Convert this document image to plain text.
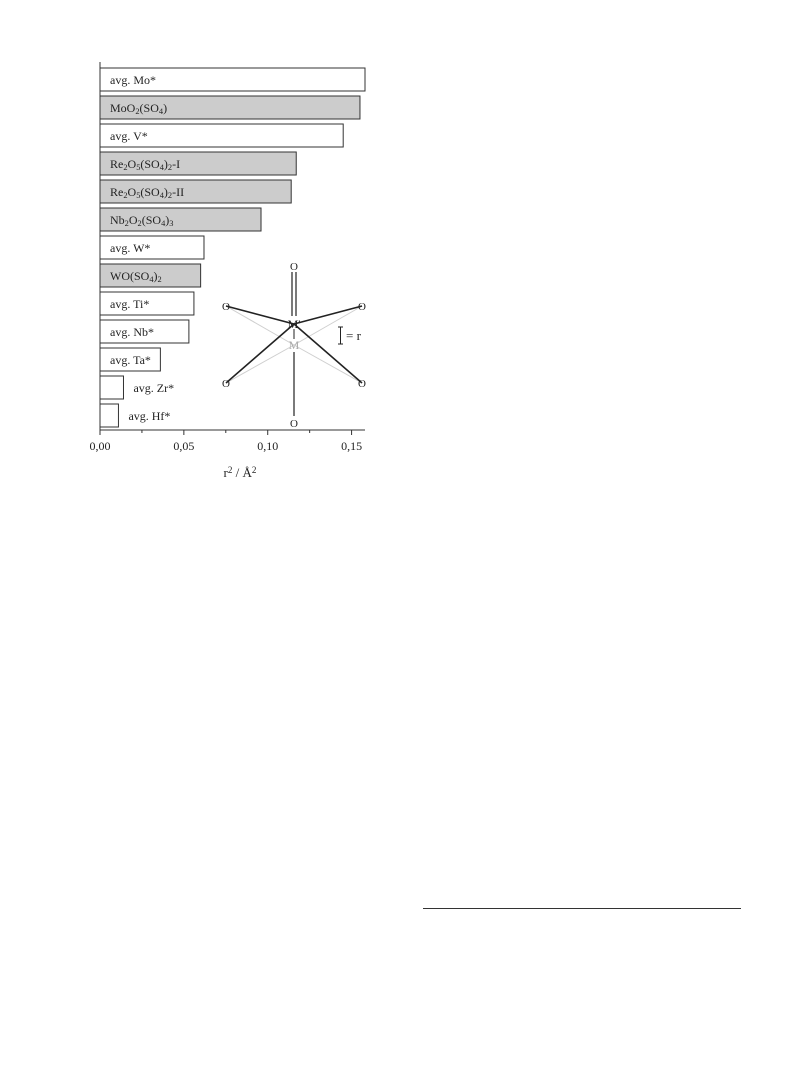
avg. Mo*
MoO2(SO4)
avg. V*
Re2O5(SO4)2-I
Re2O5(SO4)2-II
Nb2O2(SO4)3
avg. W*
WO(SO4)2
avg. Ti*
avg. Nb*
avg. Ta*
avg. Zr*
avg. Hf*
0,00	0,05	0,10	0,15
r2 / Å2
O
O
O	O
O	O
M'
M
= r
